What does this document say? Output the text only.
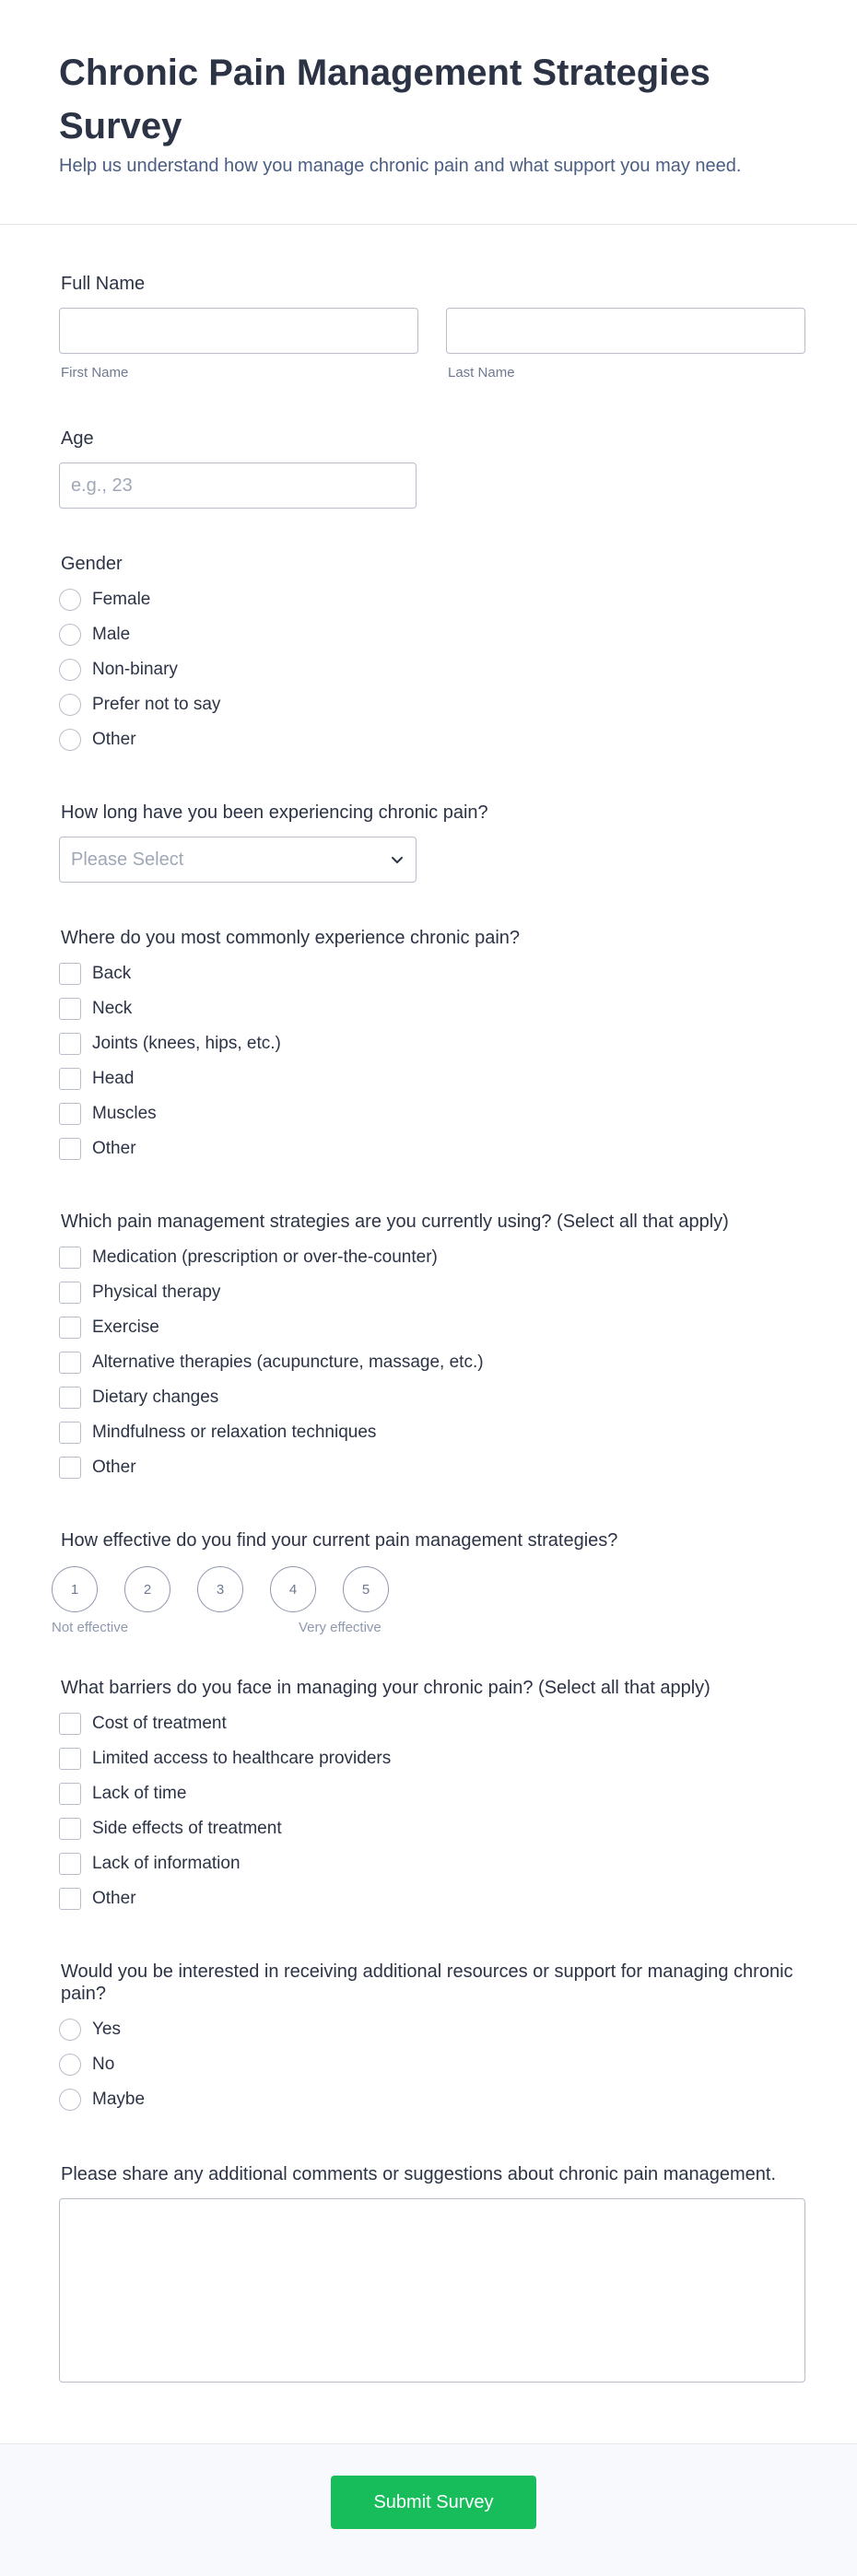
Chronic Pain Management Strategies Survey

Help us understand how you manage chronic pain and what support you may need.

Full Name
First Name	Last Name
Age
e.g., 23
Gender
Female
Male
Non-binary
Prefer not to say
Other
How long have you been experiencing chronic pain?
Please Select
Where do you most commonly experience chronic pain?
Back
Neck
Joints (knees, hips, etc.)
Head
Muscles
Other
Which pain management strategies are you currently using? (Select all that apply)
Medication (prescription or over-the-counter)
Physical therapy
Exercise
Alternative therapies (acupuncture, massage, etc.)
Dietary changes
Mindfulness or relaxation techniques
Other
How effective do you find your current pain management strategies?
1	2	3	4	5
Not effective	Very effective
What barriers do you face in managing your chronic pain? (Select all that apply)
Cost of treatment
Limited access to healthcare providers
Lack of time
Side effects of treatment
Lack of information
Other
Would you be interested in receiving additional resources or support for managing chronic pain?
Yes
No
Maybe
Please share any additional comments or suggestions about chronic pain management.
Submit Survey
